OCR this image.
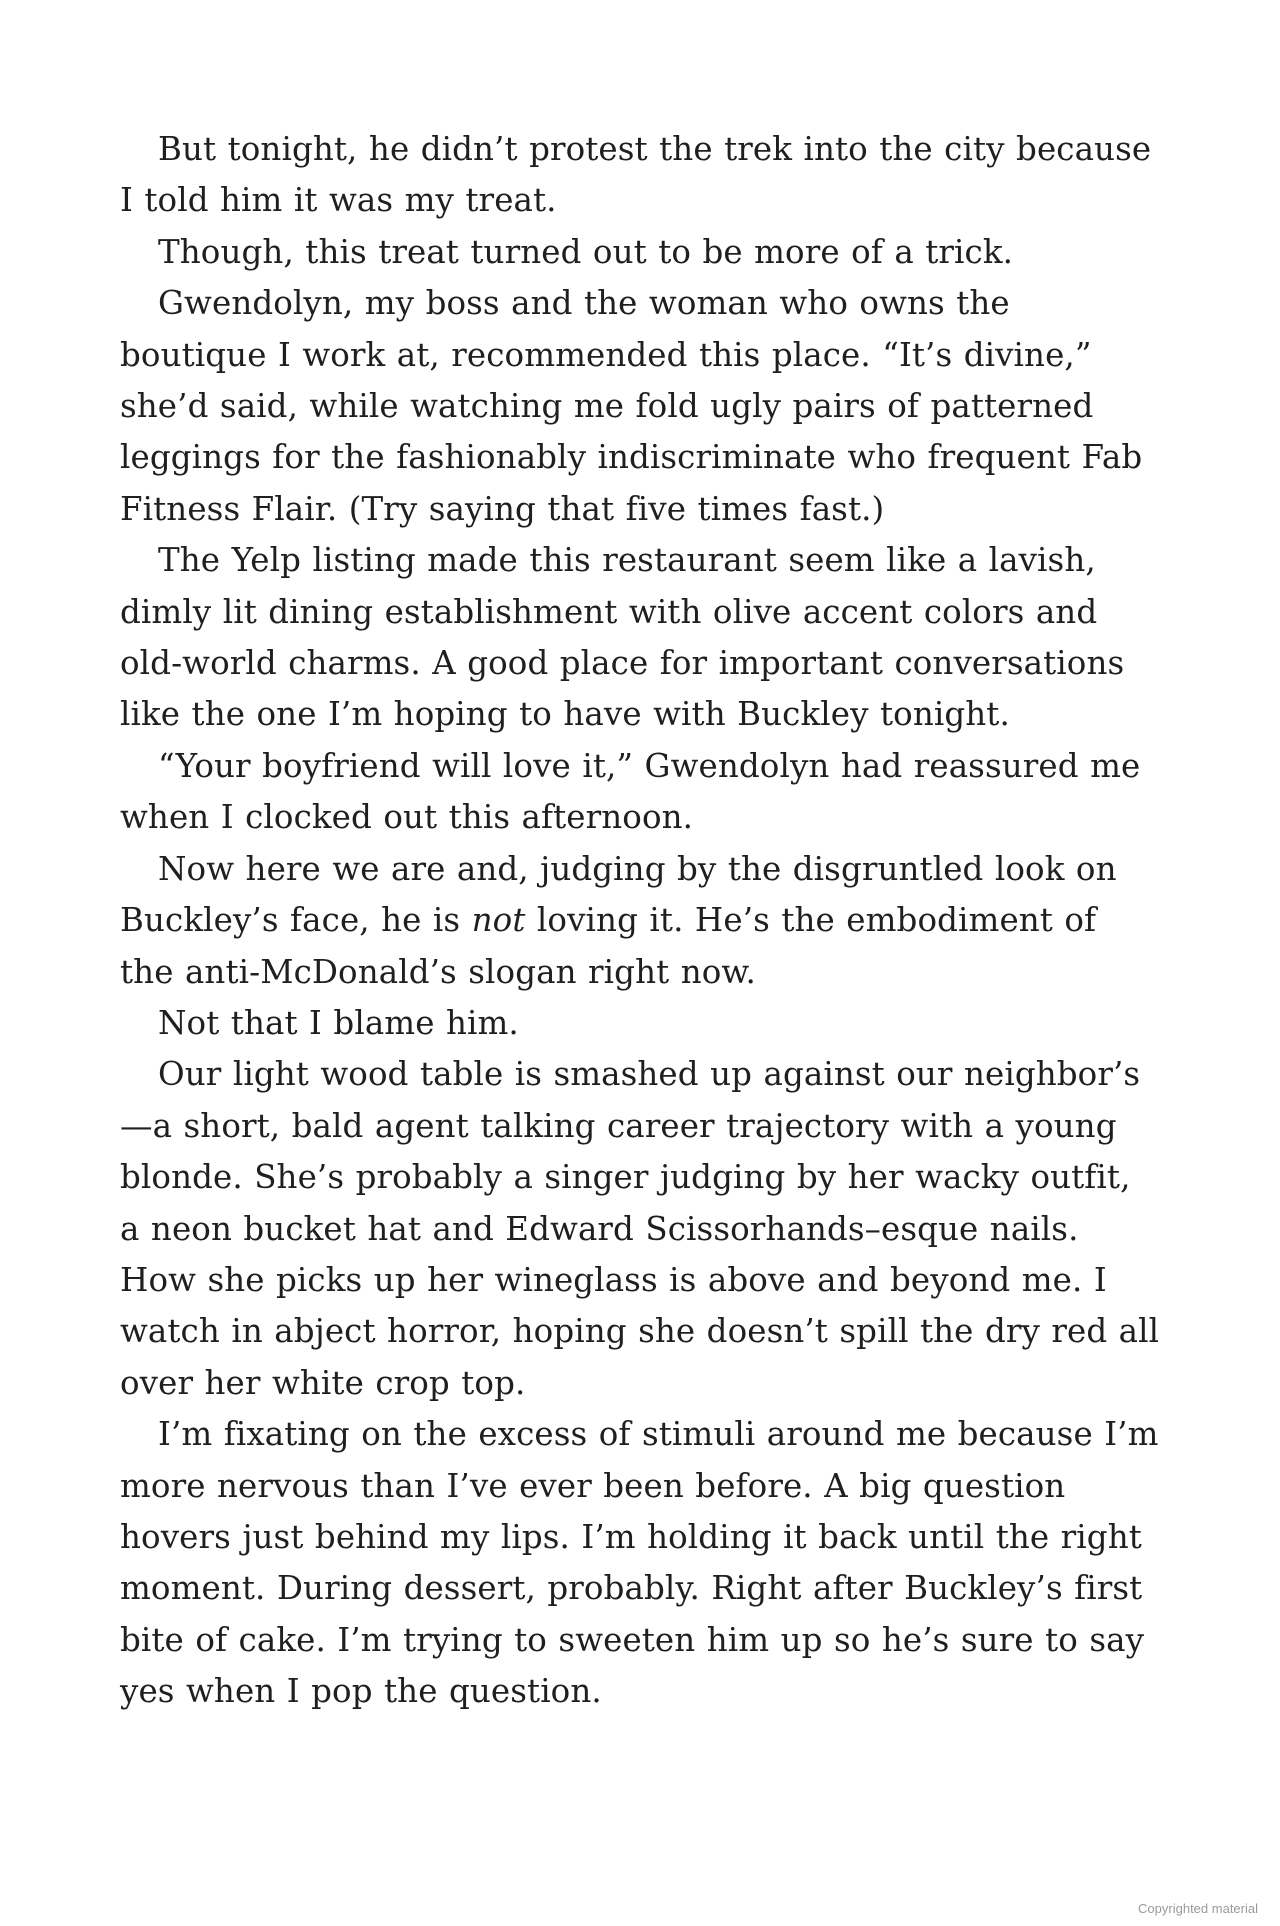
But tonight, he didn’t protest the trek into the city because I told him it was my treat.

Though, this treat turned out to be more of a trick.

Gwendolyn, my boss and the woman who owns the boutique I work at, recommended this place. “It’s divine,” she’d said, while watching me fold ugly pairs of patterned leggings for the fashionably indiscriminate who frequent Fab Fitness Flair. (Try saying that five times fast.)

The Yelp listing made this restaurant seem like a lavish, dimly lit dining establishment with olive accent colors and old-world charms. A good place for important conversations like the one I’m hoping to have with Buckley tonight.

“Your boyfriend will love it,” Gwendolyn had reassured me when I clocked out this afternoon.

Now here we are and, judging by the disgruntled look on Buckley’s face, he is not loving it. He’s the embodiment of the anti-McDonald’s slogan right now.

Not that I blame him.

Our light wood table is smashed up against our neighbor’s—a short, bald agent talking career trajectory with a young blonde. She’s probably a singer judging by her wacky outfit, a neon bucket hat and Edward Scissorhands–esque nails. How she picks up her wineglass is above and beyond me. I watch in abject horror, hoping she doesn’t spill the dry red all over her white crop top.

I’m fixating on the excess of stimuli around me because I’m more nervous than I’ve ever been before. A big question hovers just behind my lips. I’m holding it back until the right moment. During dessert, probably. Right after Buckley’s first bite of cake. I’m trying to sweeten him up so he’s sure to say yes when I pop the question.

Copyrighted material
